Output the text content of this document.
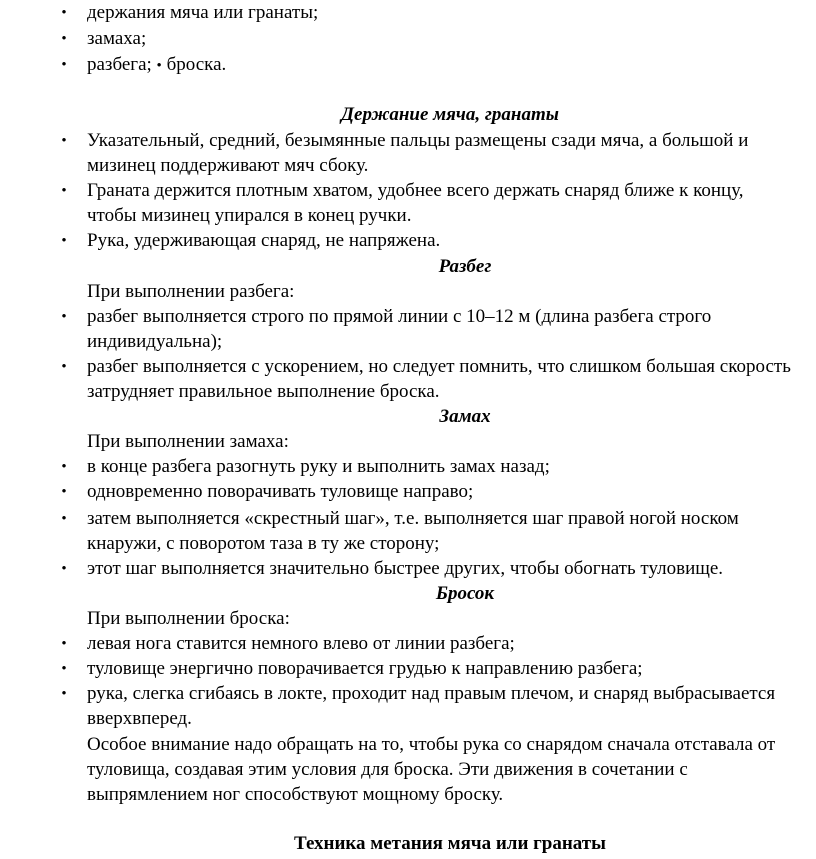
• держания мяча или гранаты;
• замаха;
• разбега; • броска.
Держание мяча, гранаты
• Указательный, средний, безымянные пальцы размещены сзади мяча, а большой и
мизинец поддерживают мяч сбоку.
• Граната держится плотным хватом, удобнее всего держать снаряд ближе к концу,
чтобы мизинец упирался в конец ручки.
• Рука, удерживающая снаряд, не напряжена.
Разбег
При выполнении разбега:
• разбег выполняется строго по прямой линии с 10–12 м (длина разбега строго
индивидуальна);
• разбег выполняется с ускорением, но следует помнить, что слишком большая скорость
затрудняет правильное выполнение броска.
Замах
При выполнении замаха:
• в конце разбега разогнуть руку и выполнить замах назад;
• одновременно поворачивать туловище направо;
• затем выполняется «скрестный шаг», т.е. выполняется шаг правой ногой носком
кнаружи, с поворотом таза в ту же сторону;
• этот шаг выполняется значительно быстрее других, чтобы обогнать туловище.
Бросок
При выполнении броска:
• левая нога ставится немного влево от линии разбега;
• туловище энергично поворачивается грудью к направлению разбега;
• рука, слегка сгибаясь в локте, проходит над правым плечом, и снаряд выбрасывается
вверхвперед.
Особое внимание надо обращать на то, чтобы рука со снарядом сначала отставала от
туловища, создавая этим условия для броска. Эти движения в сочетании с
выпрямлением ног способствуют мощному броску.
Техника метания мяча или гранаты
